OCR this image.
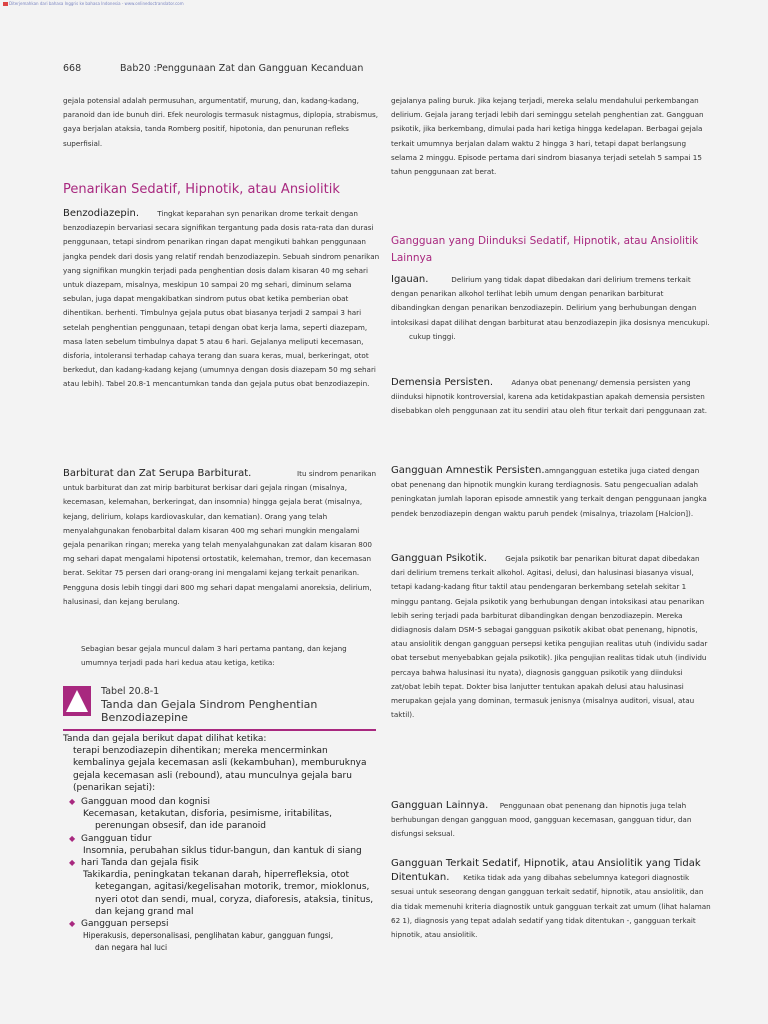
Diterjemahkan dari bahasa Inggris ke bahasa Indonesia - www.onlinedoctranslator.com
668	Bab20 :Penggunaan Zat dan Gangguan Kecanduan

gejala potensial adalah permusuhan, argumentatif, murung, dan, kadang-kadang, paranoid dan ide bunuh diri. Efek neurologis termasuk nistagmus, diplopia, strabismus, gaya berjalan ataksia, tanda Romberg positif, hipotonia, dan penurunan refleks superfisial.

Penarikan Sedatif, Hipnotik, atau Ansiolitik

Benzodiazepin.	Tingkat keparahan syn penarikan drome terkait dengan benzodiazepin bervariasi secara signifikan tergantung pada dosis rata-rata dan durasi penggunaan, tetapi sindrom penarikan ringan dapat mengikuti bahkan penggunaan jangka pendek dari dosis yang relatif rendah benzodiazepin. Sebuah sindrom penarikan yang signifikan mungkin terjadi pada penghentian dosis dalam kisaran 40 mg sehari untuk diazepam, misalnya, meskipun 10 sampai 20 mg sehari, diminum selama sebulan, juga dapat mengakibatkan sindrom putus obat ketika pemberian obat dihentikan. berhenti. Timbulnya gejala putus obat biasanya terjadi 2 sampai 3 hari setelah penghentian penggunaan, tetapi dengan obat kerja lama, seperti diazepam, masa laten sebelum timbulnya dapat 5 atau 6 hari. Gejalanya meliputi kecemasan, disforia, intoleransi terhadap cahaya terang dan suara keras, mual, berkeringat, otot berkedut, dan kadang-kadang kejang (umumnya dengan dosis diazepam 50 mg sehari atau lebih). Tabel 20.8-1 mencantumkan tanda dan gejala putus obat benzodiazepin.

Barbiturat dan Zat Serupa Barbiturat.	Itu sindrom penarikan untuk barbiturat dan zat mirip barbiturat berkisar dari gejala ringan (misalnya, kecemasan, kelemahan, berkeringat, dan insomnia) hingga gejala berat (misalnya, kejang, delirium, kolaps kardiovaskular, dan kematian). Orang yang telah menyalahgunakan fenobarbital dalam kisaran 400 mg sehari mungkin mengalami gejala penarikan ringan; mereka yang telah menyalahgunakan zat dalam kisaran 800 mg sehari dapat mengalami hipotensi ortostatik, kelemahan, tremor, dan kecemasan berat. Sekitar 75 persen dari orang-orang ini mengalami kejang terkait penarikan. Pengguna dosis lebih tinggi dari 800 mg sehari dapat mengalami anoreksia, delirium, halusinasi, dan kejang berulang.

Sebagian besar gejala muncul dalam 3 hari pertama pantang, dan kejang umumnya terjadi pada hari kedua atau ketiga, ketika:

Tabel 20.8-1
Tanda dan Gejala Sindrom Penghentian Benzodiazepine
Tanda dan gejala berikut dapat dilihat ketika:
terapi benzodiazepin dihentikan; mereka mencerminkan kembalinya gejala kecemasan asli (kekambuhan), memburuknya gejala kecemasan asli (rebound), atau munculnya gejala baru (penarikan sejati):
◆ Gangguan mood dan kognisi
Kecemasan, ketakutan, disforia, pesimisme, iritabilitas,
perenungan obsesif, dan ide paranoid
◆ Gangguan tidur
Insomnia, perubahan siklus tidur-bangun, dan kantuk di siang
◆ hari Tanda dan gejala fisik
Takikardia, peningkatan tekanan darah, hiperrefleksia, otot
ketegangan, agitasi/kegelisahan motorik, tremor, mioklonus, nyeri otot dan sendi, mual, coryza, diaforesis, ataksia, tinitus, dan kejang grand mal
◆ Gangguan persepsi
Hiperakusis, depersonalisasi, penglihatan kabur, gangguan fungsi,
dan negara hal luci

gejalanya paling buruk. Jika kejang terjadi, mereka selalu mendahului perkembangan delirium. Gejala jarang terjadi lebih dari seminggu setelah penghentian zat. Gangguan psikotik, jika berkembang, dimulai pada hari ketiga hingga kedelapan. Berbagai gejala terkait umumnya berjalan dalam waktu 2 hingga 3 hari, tetapi dapat berlangsung selama 2 minggu. Episode pertama dari sindrom biasanya terjadi setelah 5 sampai 15 tahun penggunaan zat berat.

Gangguan yang Diinduksi Sedatif, Hipnotik, atau Ansiolitik Lainnya

Igauan.	Delirium yang tidak dapat dibedakan dari delirium tremens terkait dengan penarikan alkohol terlihat lebih umum dengan penarikan barbiturat dibandingkan dengan penarikan benzodiazepin. Delirium yang berhubungan dengan intoksikasi dapat dilihat dengan barbiturat atau benzodiazepin jika dosisnya mencukupi.

cukup tinggi.

Demensia Persisten.	Adanya obat penenang/ demensia persisten yang diinduksi hipnotik kontroversial, karena ada ketidakpastian apakah demensia persisten disebabkan oleh penggunaan zat itu sendiri atau oleh fitur terkait dari penggunaan zat.

Gangguan Amnestik Persisten.amngangguan estetika juga ciated dengan obat penenang dan hipnotik mungkin kurang terdiagnosis. Satu pengecualian adalah peningkatan jumlah laporan episode amnestik yang terkait dengan penggunaan jangka pendek benzodiazepin dengan waktu paruh pendek (misalnya, triazolam [Halcion]).

Gangguan Psikotik.	Gejala psikotik bar penarikan biturat dapat dibedakan dari delirium tremens terkait alkohol. Agitasi, delusi, dan halusinasi biasanya visual, tetapi kadang-kadang fitur taktil atau pendengaran berkembang setelah sekitar 1 minggu pantang. Gejala psikotik yang berhubungan dengan intoksikasi atau penarikan lebih sering terjadi pada barbiturat dibandingkan dengan benzodiazepin. Mereka didiagnosis dalam DSM-5 sebagai gangguan psikotik akibat obat penenang, hipnotis, atau ansiolitik dengan gangguan persepsi ketika pengujian realitas utuh (individu sadar obat tersebut menyebabkan gejala psikotik). Jika pengujian realitas tidak utuh (individu percaya bahwa halusinasi itu nyata), diagnosis gangguan psikotik yang diinduksi zat/obat lebih tepat. Dokter bisa lanjutter tentukan apakah delusi atau halusinasi merupakan gejala yang dominan, termasuk jenisnya (misalnya auditori, visual, atau taktil).

Gangguan Lainnya. Penggunaan obat penenang dan hipnotis juga telah berhubungan dengan gangguan mood, gangguan kecemasan, gangguan tidur, dan disfungsi seksual.

Gangguan Terkait Sedatif, Hipnotik, atau Ansiolitik yang Tidak Ditentukan. Ketika tidak ada yang dibahas sebelumnya kategori diagnostik sesuai untuk seseorang dengan gangguan terkait sedatif, hipnotik, atau ansiolitik, dan dia tidak memenuhi kriteria diagnostik untuk gangguan terkait zat umum (lihat halaman 62 1), diagnosis yang tepat adalah sedatif yang tidak ditentukan -, gangguan terkait hipnotik, atau ansiolitik.
